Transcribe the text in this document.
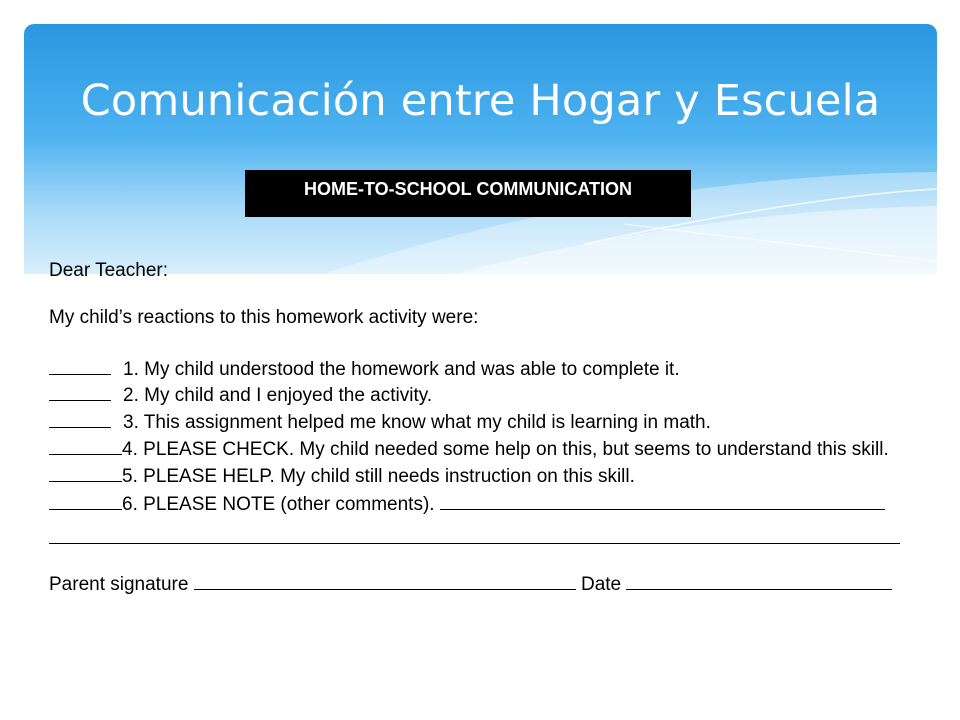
Comunicación entre Hogar y Escuela
HOME-TO-SCHOOL COMMUNICATION
Dear Teacher:
My child’s reactions to this homework activity were:
1. My child understood the homework and was able to complete it.
2. My child and I enjoyed the activity.
3. This assignment helped me know what my child is learning in math.
4. PLEASE CHECK. My child needed some help on this, but seems to understand this skill.
5. PLEASE HELP. My child still needs instruction on this skill.
6. PLEASE NOTE (other comments).
Parent signature	Date
